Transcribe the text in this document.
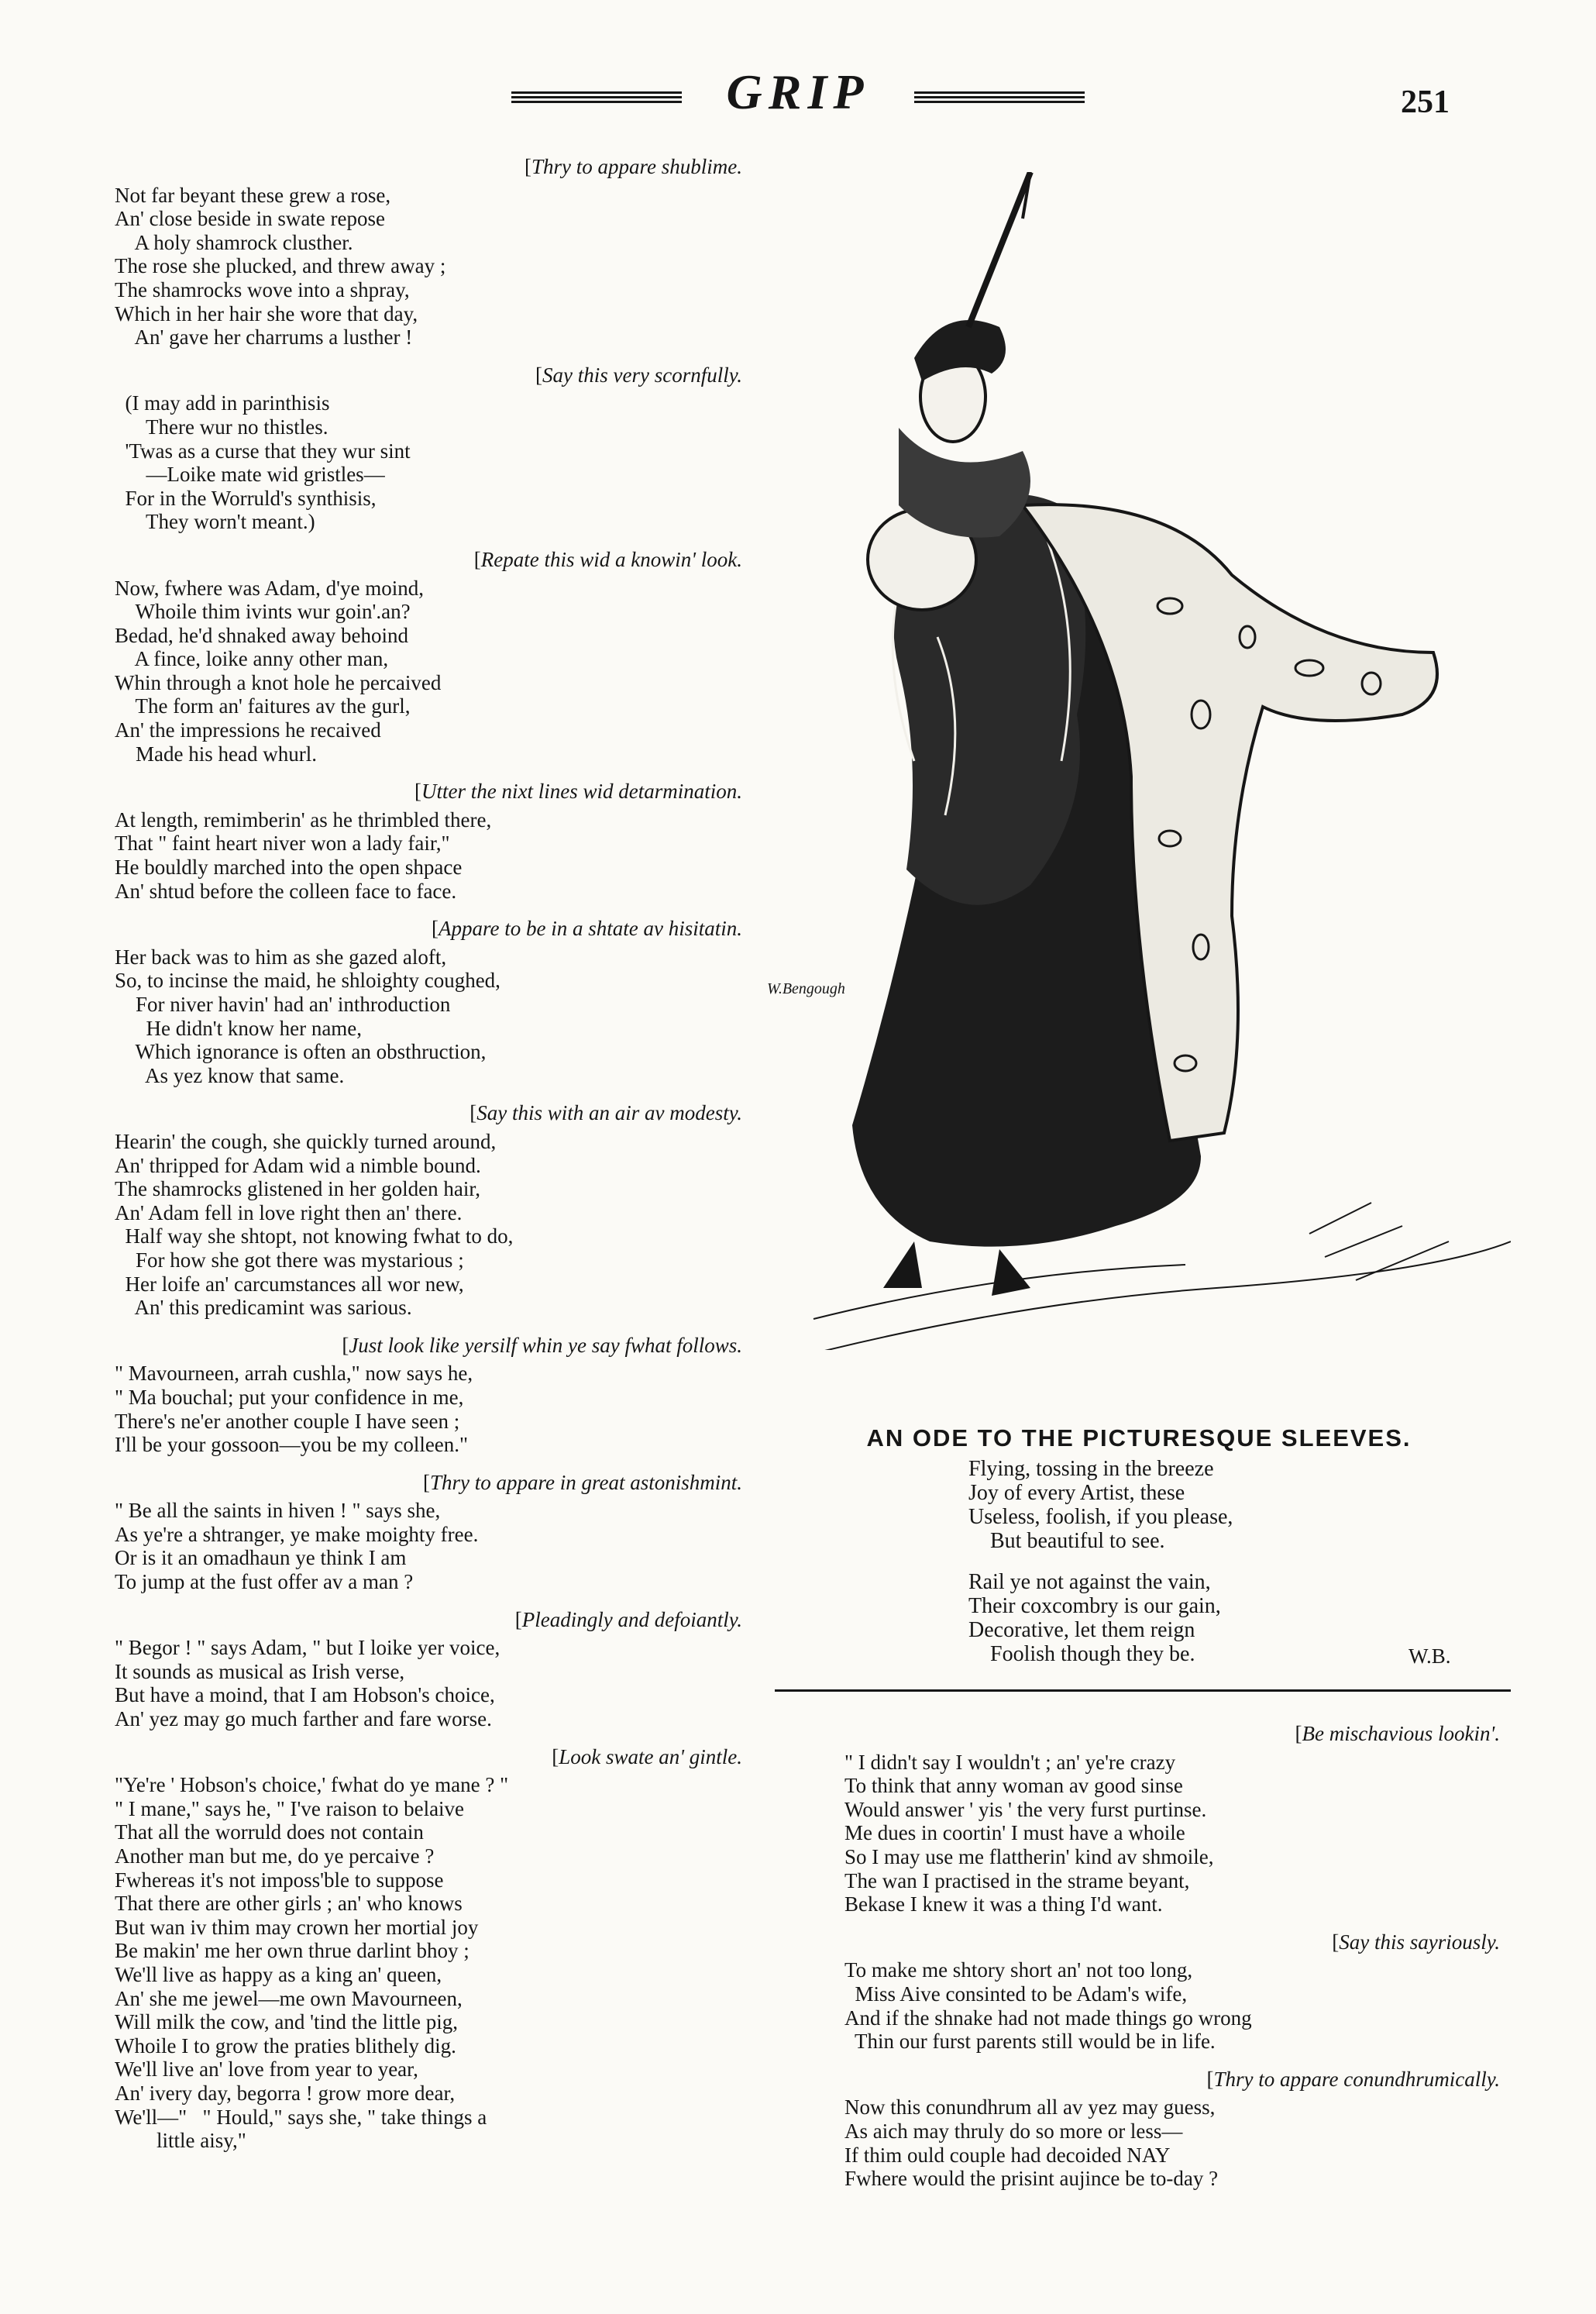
GRIP	251
[ Thry to appare shublime.
Not far beyant these grew a rose,
An' close beside in swate repose
A holy shamrock clusther.
The rose she plucked, and threw away ;
The shamrocks wove into a shpray,
Which in her hair she wore that day,
An' gave her charrums a lusther !
[ Say this very scornfully.
(I may add in parinthisis
There wur no thistles.
'Twas as a curse that they wur sint
—Loike mate wid gristles—
For in the Worruld's synthisis,
They worn't meant.)
[ Repate this wid a knowin' look.
Now, fwhere was Adam, d'ye moind,
Whoile thim ivints wur goin'.an?
Bedad, he'd shnaked away behoind
A fince, loike anny other man,
Whin through a knot hole he percaived
The form an' faitures av the gurl,
An' the impressions he recaived
Made his head whurl.
[ Utter the nixt lines wid detarmination.
At length, remimberin' as he thrimbled there,
That " faint heart niver won a lady fair,"
He bouldly marched into the open shpace
An' shtud before the colleen face to face.
[ Appare to be in a shtate av hisitatin.
Her back was to him as she gazed aloft,
So, to incinse the maid, he shloighty coughed,
For niver havin' had an' inthroduction
He didn't know her name,
Which ignorance is often an obsthruction,
As yez know that same.
[ Say this with an air av modesty.
Hearin' the cough, she quickly turned around,
An' thripped for Adam wid a nimble bound.
The shamrocks glistened in her golden hair,
An' Adam fell in love right then an' there.
Half way she shtopt, not knowing fwhat to do,
For how she got there was mystarious ;
Her loife an' carcumstances all wor new,
An' this predicamint was sarious.
[ Just look like yersilf whin ye say fwhat follows.
" Mavourneen, arrah cushla," now says he,
" Ma bouchal; put your confidence in me,
There's ne'er another couple I have seen ;
I'll be your gossoon—you be my colleen."
[ Thry to appare in great astonishmint.
" Be all the saints in hiven ! " says she,
As ye're a shtranger, ye make moighty free.
Or is it an omadhaun ye think I am
To jump at the fust offer av a man ?
[ Pleadingly and defoiantly.
" Begor ! " says Adam, " but I loike yer voice,
It sounds as musical as Irish verse,
But have a moind, that I am Hobson's choice,
An' yez may go much farther and fare worse.
[ Look swate an' gintle.
"Ye're ' Hobson's choice,' fwhat do ye mane ? "
" I mane," says he, " I've raison to belaive
That all the worruld does not contain
Another man but me, do ye percaive ?
Fwhereas it's not imposs'ble to suppose
That there are other girls ; an' who knows
But wan iv thim may crown her mortial joy
Be makin' me her own thrue darlint bhoy ;
We'll live as happy as a king an' queen,
An' she me jewel—me own Mavourneen,
Will milk the cow, and 'tind the little pig,
Whoile I to grow the praties blithely dig.
We'll live an' love from year to year,
An' ivery day, begorra ! grow more dear,
We'll—"   " Hould," says she, " take things a
little aisy,"
W.Bengough
AN ODE TO THE PICTURESQUE SLEEVES.
Flying, tossing in the breeze
Joy of every Artist, these
Useless, foolish, if you please,
But beautiful to see.
Rail ye not against the vain,
Their coxcombry is our gain,
Decorative, let them reign
Foolish though they be.	W.B.
[ Be mischavious lookin'.
" I didn't say I wouldn't ; an' ye're crazy
To think that anny woman av good sinse
Would answer ' yis ' the very furst purtinse.
Me dues in coortin' I must have a whoile
So I may use me flattherin' kind av shmoile,
The wan I practised in the strame beyant,
Bekase I knew it was a thing I'd want.
[ Say this sayriously.
To make me shtory short an' not too long,
Miss Aive consinted to be Adam's wife,
And if the shnake had not made things go wrong
Thin our furst parents still would be in life.
[ Thry to appare conundhrumically.
Now this conundhrum all av yez may guess,
As aich may thruly do so more or less—
If thim ould couple had decoided NAY
Fwhere would the prisint aujince be to-day ?
